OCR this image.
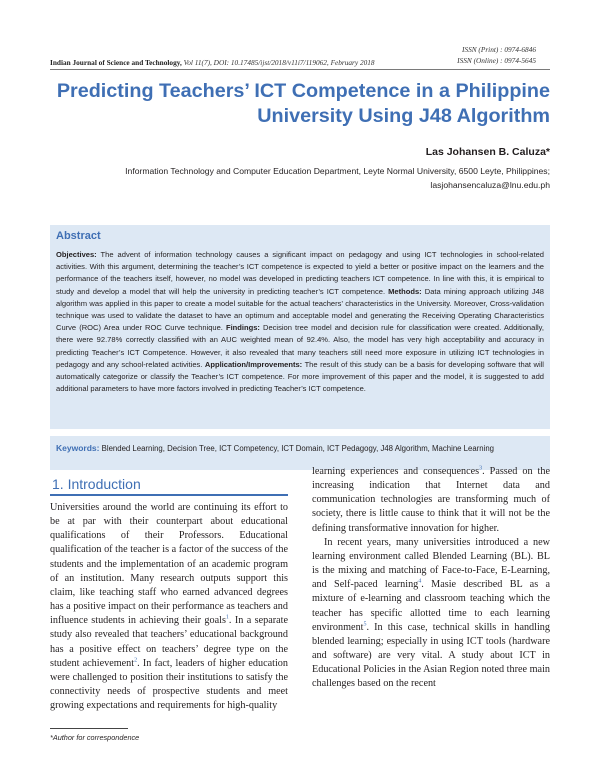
ISSN (Print) : 0974-6846
ISSN (Online) : 0974-5645
Indian Journal of Science and Technology, Vol 11(7), DOI: 10.17485/ijst/2018/v11i7/119062, February 2018
Predicting Teachers’ ICT Competence in a Philippine University Using J48 Algorithm
Las Johansen B. Caluza*
Information Technology and Computer Education Department, Leyte Normal University, 6500 Leyte, Philippines;
lasjohansencaluza@lnu.edu.ph
Abstract
Objectives: The advent of information technology causes a significant impact on pedagogy and using ICT technologies in school-related activities. With this argument, determining the teacher’s ICT competence is expected to yield a better or positive impact on the learners and the performance of the teachers itself, however, no model was developed in predicting teachers ICT competence. In line with this, it is empirical to study and develop a model that will help the university in predicting teacher’s ICT competence. Methods: Data mining approach utilizing J48 algorithm was applied in this paper to create a model suitable for the actual teachers’ characteristics in the University. Moreover, Cross-validation technique was used to validate the dataset to have an optimum and acceptable model and generating the Receiving Operating Characteristics Curve (ROC) Area under ROC Curve technique. Findings: Decision tree model and decision rule for classification were created. Additionally, there were 92.78% correctly classified with an AUC weighted mean of 92.4%. Also, the model has very high acceptability and accuracy in predicting Teacher’s ICT Competence. However, it also revealed that many teachers still need more exposure in utilizing ICT technologies in pedagogy and any school-related activities. Application/Improvements: The result of this study can be a basis for developing software that will automatically categorize or classify the Teacher’s ICT competence. For more improvement of this paper and the model, it is suggested to add additional parameters to have more factors involved in predicting Teacher’s ICT competence.
Keywords: Blended Learning, Decision Tree, ICT Competency, ICT Domain, ICT Pedagogy, J48 Algorithm, Machine Learning
1. Introduction

Universities around the world are continuing its effort to be at par with their counterpart about educational qualifications of their Professors. Educational qualification of the teacher is a factor of the success of the students and the implementation of an academic program of an institution. Many research outputs support this claim, like teaching staff who earned advanced degrees has a positive impact on their performance as teachers and influence students in achieving their goals$^1$. In a separate study also revealed that teachers’ educational background has a positive effect on teachers’ degree type on the student achievement$^2$. In fact, leaders of higher education were challenged to position their institutions to satisfy the connectivity needs of prospective students and meet growing expectations and requirements for high-quality

learning experiences and consequences$^3$. Passed on the increasing indication that Internet data and communication technologies are transforming much of society, there is little cause to think that it will not be the defining transformative innovation for higher.

In recent years, many universities introduced a new learning environment called Blended Learning (BL). BL is the mixing and matching of Face-to-Face, E-Learning, and Self-paced learning$^4$. Masie described BL as a mixture of e-learning and classroom teaching which the teacher has specific allotted time to each learning environment$^5$. In this case, technical skills in handling blended learning; especially in using ICT tools (hardware and software) are very vital. A study about ICT in Educational Policies in the Asian Region noted three main challenges based on the recent

*Author for correspondence
